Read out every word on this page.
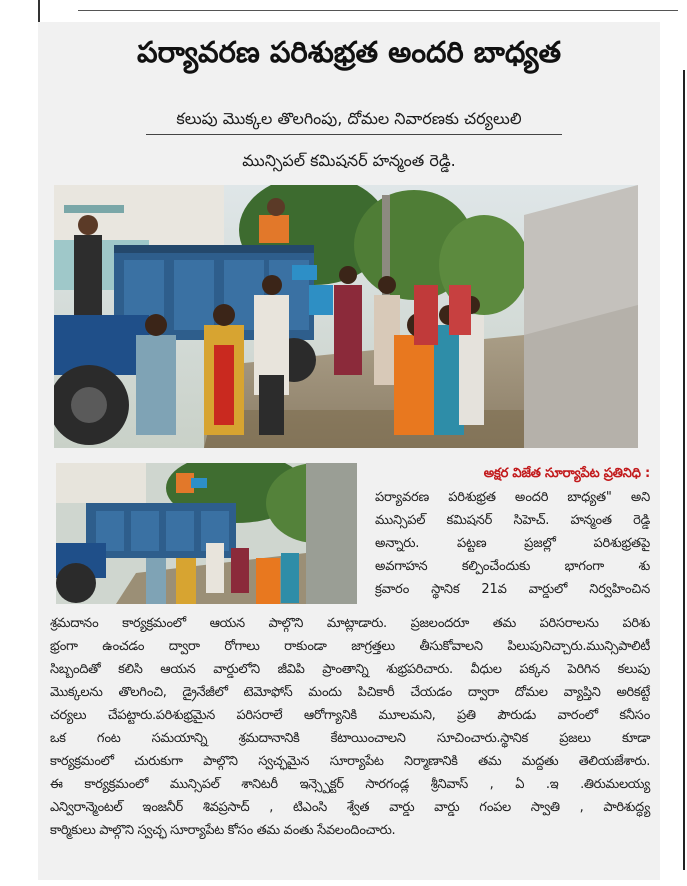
పర్యావరణ పరిశుభ్రత అందరి బాధ్యత
కలుపు మొక్కల తొలగింపు, దోమల నివారణకు చర్యలులి
మున్సిపల్ కమిషనర్ హన్మంత రెడ్డి.
అక్షర విజేత సూర్యాపేట ప్రతినిధి :

పర్యావరణ పరిశుభ్రత అందరి బాధ్యత" అని

మున్సిపల్ కమిషనర్ సిహెచ్. హన్మంత రెడ్డి

అన్నారు. పట్టణ ప్రజల్లో పరిశుభ్రతపై

అవగాహన కల్పించేందుకు భాగంగా శు

క్రవారం స్థానిక 21వ వార్డులో నిర్వహించిన

శ్రమదానం కార్యక్రమంలో ఆయన పాల్గొని మాట్లాడారు. ప్రజలందరూ తమ పరిసరాలను పరిశు

భ్రంగా ఉంచడం ద్వారా రోగాలు రాకుండా జాగ్రత్తలు తీసుకోవాలని పిలుపునిచ్చారు.మున్సిపాలిటీ

సిబ్బందితో కలిసి ఆయన వార్డులోని జీవిపి ప్రాంతాన్ని శుభ్రపరిచారు. వీధుల పక్కన పెరిగిన కలుపు

మొక్కలను తొలగించి, డ్రైనేజీలో టెమోఫోస్ మందు పిచికారీ చేయడం ద్వారా దోమల వ్యాప్తిని అరికట్టే

చర్యలు చేపట్టారు.పరిశుభ్రమైన పరిసరాలే ఆరోగ్యానికి మూలమని, ప్రతి పౌరుడు వారంలో కనీసం

ఒక గంట సమయాన్ని శ్రమదానానికి కేటాయించాలని సూచించారు.స్థానిక ప్రజలు కూడా

కార్యక్రమంలో చురుకుగా పాల్గొని స్వచ్ఛమైన సూర్యాపేట నిర్మాణానికి తమ మద్దతు తెలియజేశారు.

ఈ కార్యక్రమంలో మున్సిపల్ శానిటరీ ఇన్స్పెక్టర్ సారగండ్ల శ్రీనివాస్ , ఏ .ఇ .తిరుమలయ్య

ఎన్విరాన్మెంటల్ ఇంజనీర్ శివప్రసాద్ , టిఎంసి శ్వేత వార్డు వార్డు గంపల స్వాతి , పారిశుద్ధ్య

కార్మికులు పాల్గొని స్వచ్ఛ సూర్యాపేట కోసం తమ వంతు సేవలందించారు.
